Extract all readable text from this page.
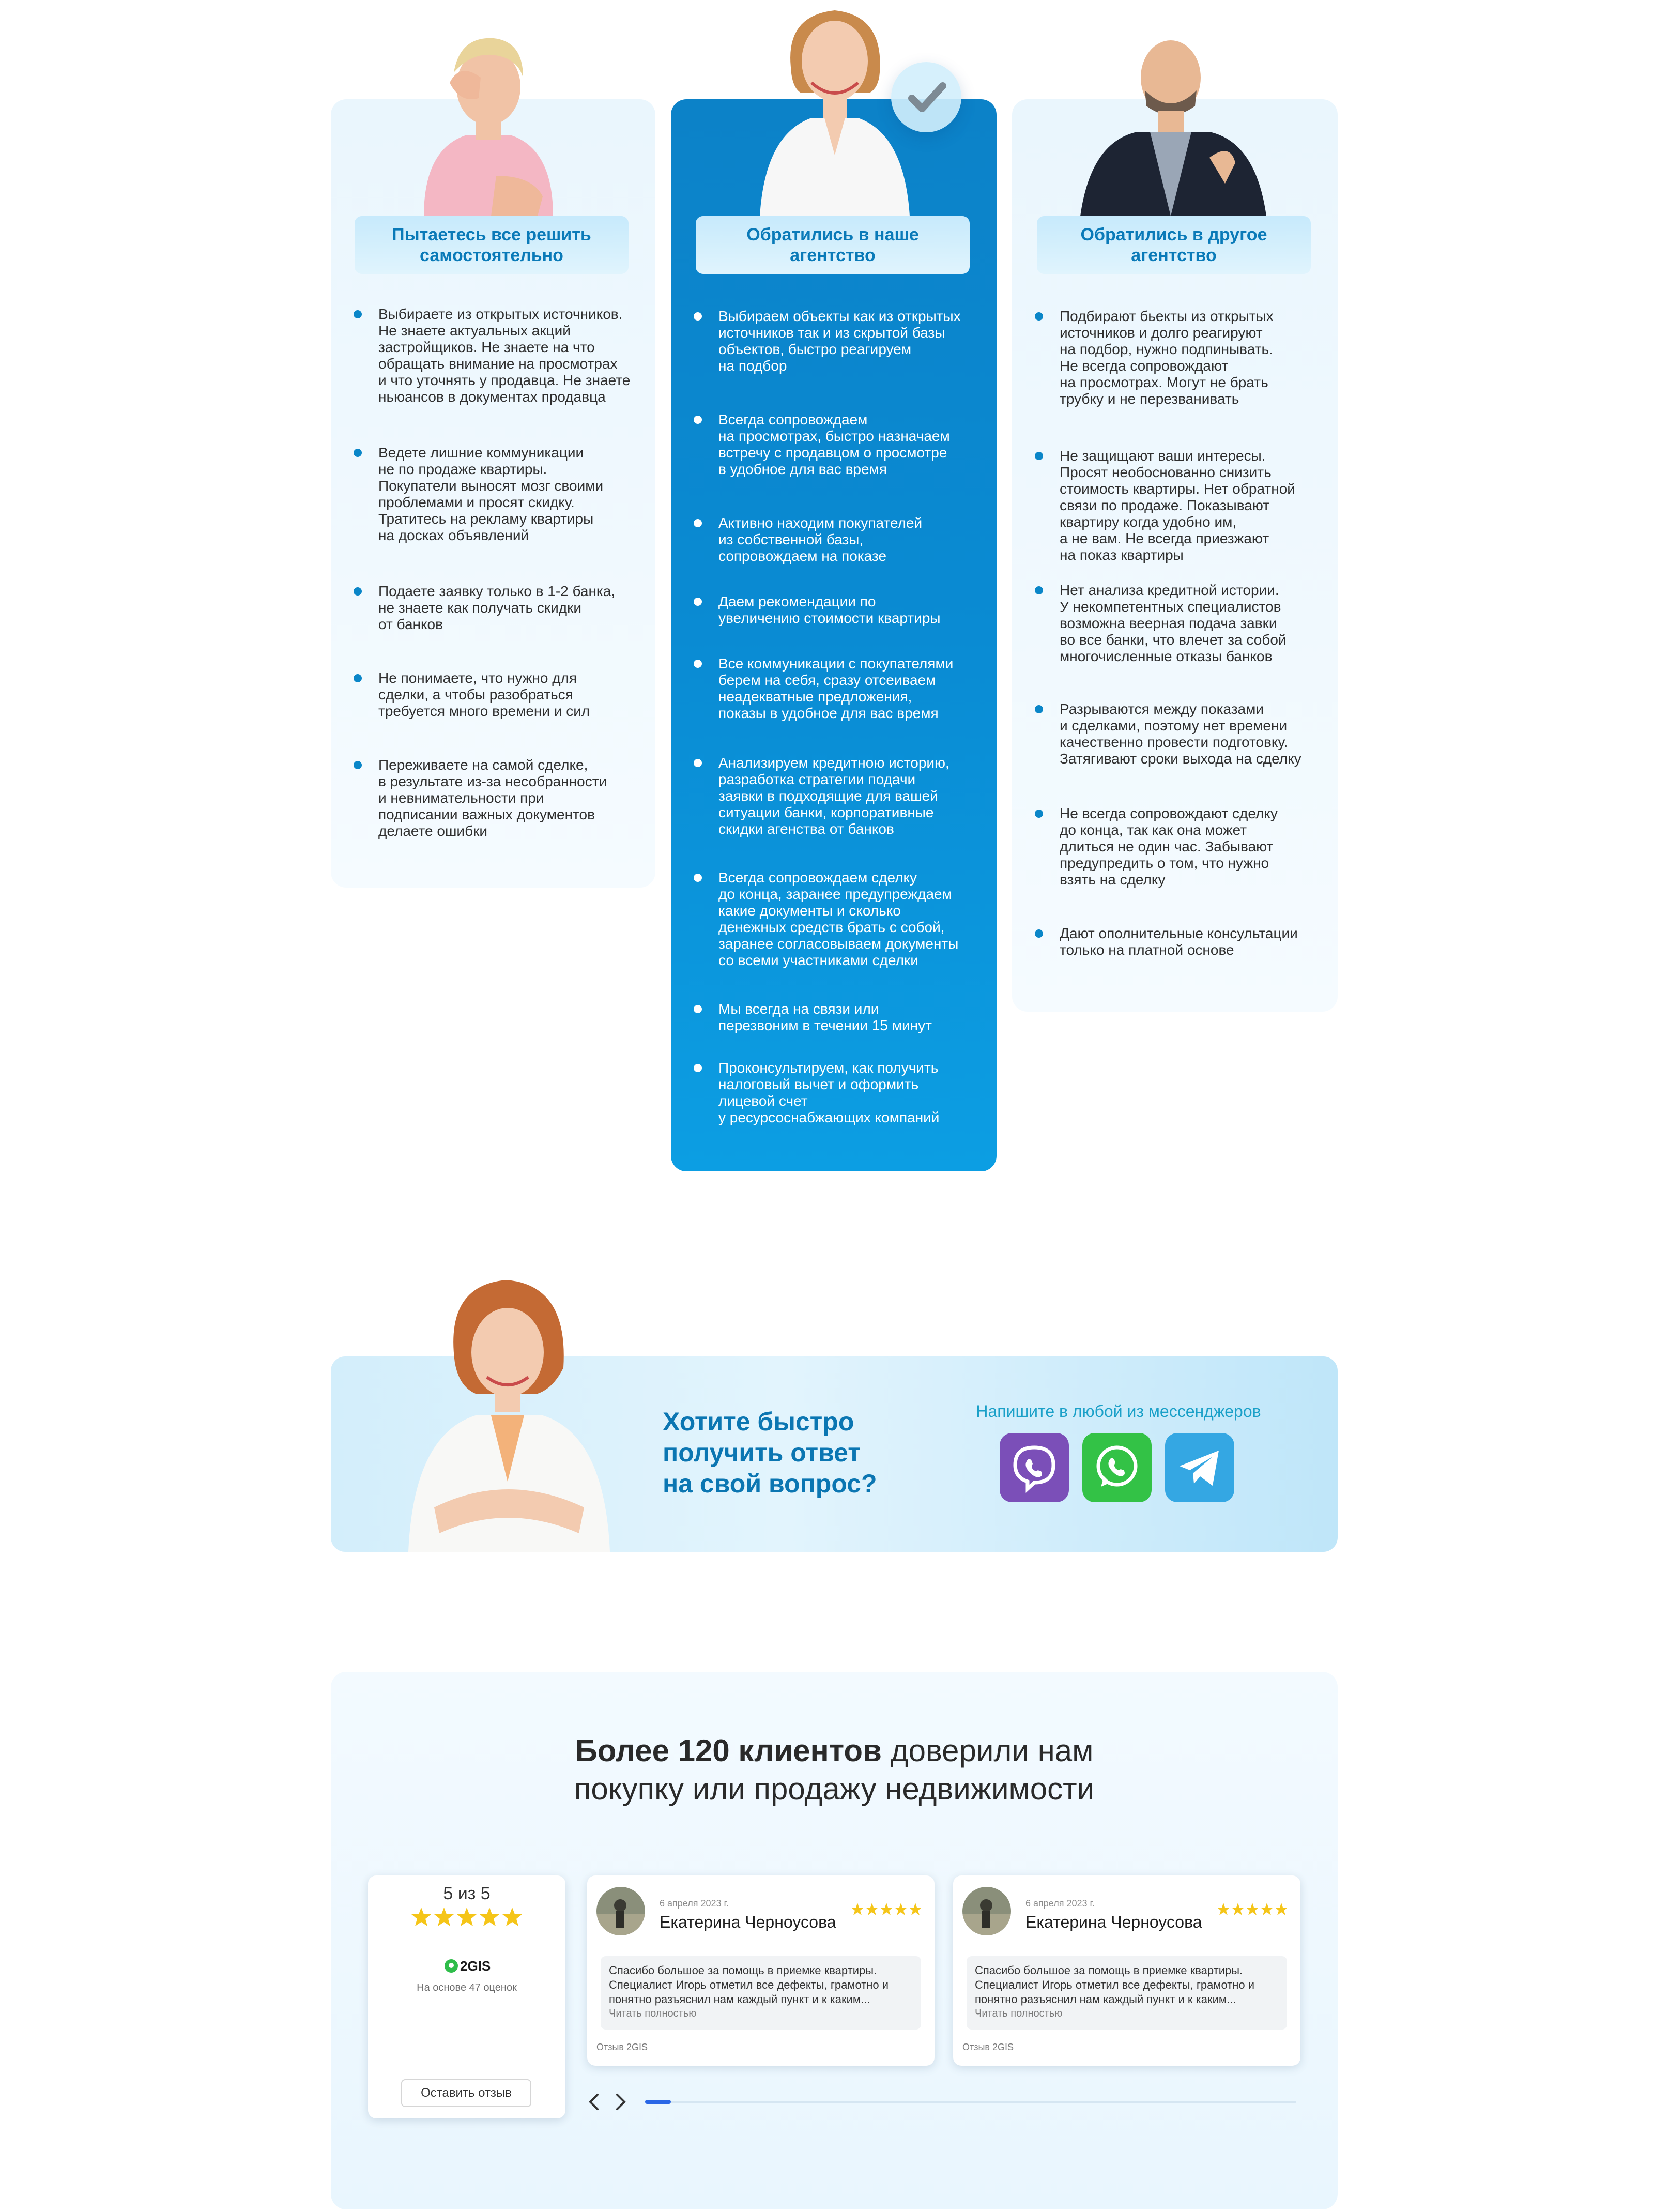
Пытаетесь все решить самостоятельно
Обратились в наше агентство
Обратились в другое агентство
Выбираете из открытых источников.
Не знаете актуальных акций
застройщиков. Не знаете на что
обращать внимание на просмотрах
и что уточнять у продавца. Не знаете
ньюансов в документах продавца
Ведете лишние коммуникации
не по продаже квартиры.
Покупатели выносят мозг своими
проблемами и просят скидку.
Тратитесь на рекламу квартиры
на досках объявлений
Подаете заявку только в 1-2 банка,
не знаете как получать скидки
от банков
Не понимаете, что нужно для
сделки, а чтобы разобраться
требуется много времени и сил
Переживаете на самой сделке,
в результате из-за несобранности
и невнимательности при
подписании важных документов
делаете ошибки
Выбираем объекты как из открытых
источников так и из скрытой базы
объектов, быстро реагируем
на подбор
Всегда сопровождаем
на просмотрах, быстро назначаем
встречу с продавцом о просмотре
в удобное для вас время
Активно находим покупателей
из собственной базы,
сопровождаем на показе
Даем рекомендации по
увеличению стоимости квартиры
Все коммуникации с покупателями
берем на себя, сразу отсеиваем
неадекватные предложения,
показы в удобное для вас время
Анализируем кредитною историю,
разработка стратегии подачи
заявки в подходящие для вашей
ситуации банки, корпоративные
скидки агенства от банков
Всегда сопровождаем сделку
до конца, заранее предупреждаем
какие документы и сколько
денежных средств брать с собой,
заранее согласовываем документы
со всеми участниками сделки
Мы всегда на связи или
перезвоним в течении 15 минут
Проконсультируем, как получить
налоговый вычет и оформить
лицевой счет
у ресурсоснабжающих компаний
Подбирают бьекты из открытых
источников и долго реагируют
на подбор, нужно подпинывать.
Не всегда сопровождают
на просмотрах. Могут не брать
трубку и не перезванивать
Не защищают ваши интересы.
Просят необоснованно снизить
стоимость квартиры. Нет обратной
связи по продаже. Показывают
квартиру когда удобно им,
а не вам. Не всегда приезжают
на показ квартиры
Нет анализа кредитной истории.
У некомпетентных специалистов
возможна веерная подача завки
во все банки, что влечет за собой
многочисленные отказы банков
Разрываются между показами
и сделками, поэтому нет времени
качественно провести подготовку.
Затягивают сроки выхода на сделку
Не всегда сопровождают сделку
до конца, так как она может
длиться не один час. Забывают
предупредить о том, что нужно
взять на сделку
Дают ополнительные консультации
только на платной основе
Хотите быстро
получить ответ
на свой вопрос?
Напишите в любой из мессенджеров
Более 120 клиентов доверили нам
покупку или продажу недвижимости
5 из 5
2GIS
На основе 47 оценок
Оставить отзыв
6 апреля 2023 г.
Екатерина Черноусова
Спасибо большое за помощь в приемке квартиры.
Специалист Игорь отметил все дефекты, грамотно и
понятно разъяснил нам каждый пункт и к каким...
Читать полностью
Отзыв 2GIS
6 апреля 2023 г.
Екатерина Черноусова
Спасибо большое за помощь в приемке квартиры.
Специалист Игорь отметил все дефекты, грамотно и
понятно разъяснил нам каждый пункт и к каким...
Читать полностью
Отзыв 2GIS
